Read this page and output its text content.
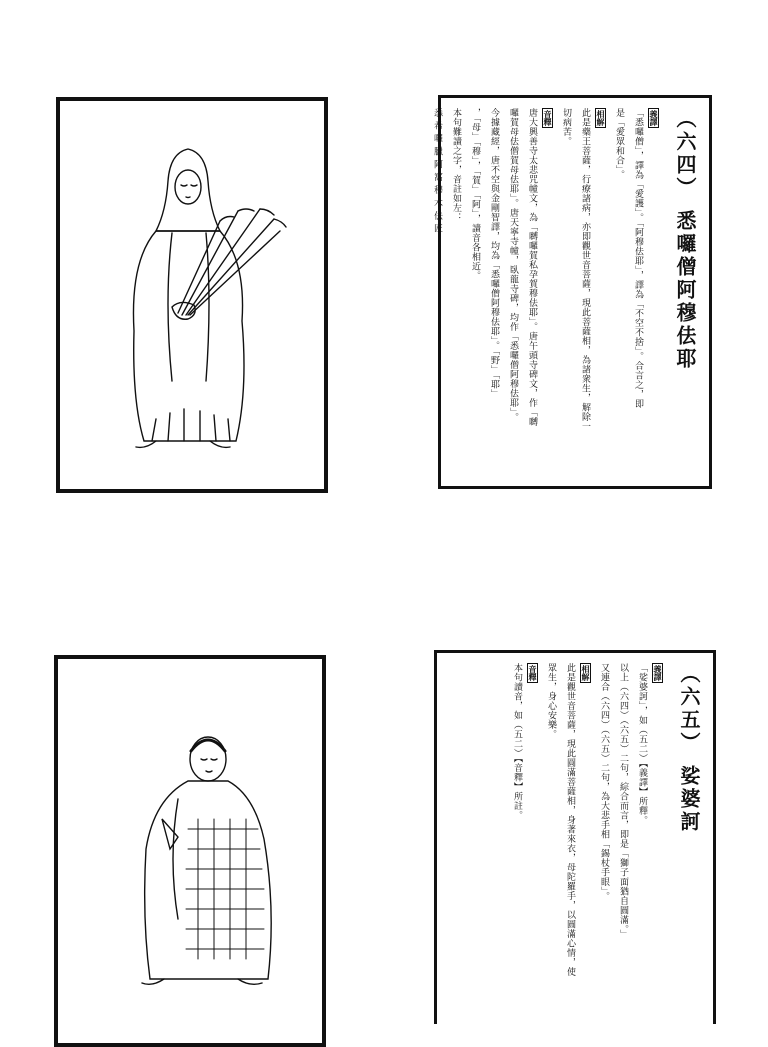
（六四） 悉囉僧阿穆佉耶
義譯
「悉囉僧」，譯為「愛護」。「阿穆佉耶」，譯為「不空不捨」。合言之，即
是「愛眾和合」。
相解
此是藥王菩薩，行療諸病，亦即觀世音菩薩，現此菩薩相，為諸衆生，解除一
切病苦。
音釋
唐大興善寺太悲咒幢文，為「嚩囉賀私孕賀穆佉耶」。唐午頭寺碑文，作「嚩
囉賀母佉僧賀母佉耶」。唐天寧寺幢，臥龍寺碑，均作「悉囉僧阿穆佉耶」。
今據藏經，唐不空與金剛智譯，均為「悉囉僧阿穆佉耶」。「野」「耶」
，「母」「穆」，「賀」「阿」，讀音各相近。
本句難讀之字，音註如左：
悉 希 囉 臘 阿 窩 穆 木 佉 匠
（六五） 娑婆訶
義譯
「娑婆訶」，如（五二）【義譯】所釋。
以上（六四）（六五）二句，綜合而言，即是「獅子面猶自圓滿。」
又連合（六四）（六五）二句，為大悲手相「錫杖手眼」。
相解
此是觀世音菩薩，現此圓滿菩薩相，身著來衣，母陀羅手，以圓滿心情，使
眾生，身心安樂。
音釋
本句讀音，如（五二）【音釋】所註。
